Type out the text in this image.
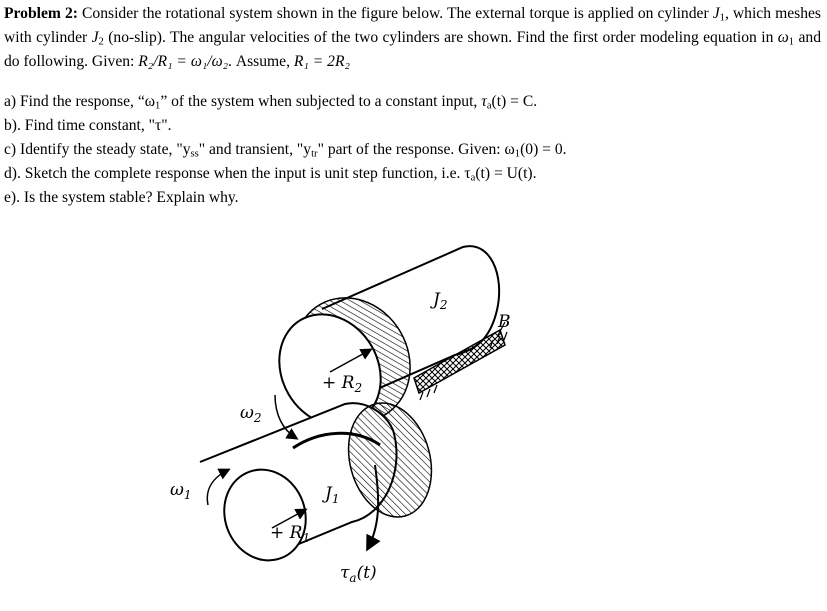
Problem 2: Consider the rotational system shown in the figure below. The external torque is applied on cylinder $J_1$, which meshes with cylinder $J_2$ (no-slip). The angular velocities of the two cylinders are shown. Find the first order modeling equation in $\omega_1$ and do following. Given: R₂/R₁ = ω₁/ω₂. Assume, R₁ = 2R₂
a) Find the response, “$\omega_1$” of the system when subjected to a constant input, $\tau_a(t) = C$.
b). Find time constant, "τ".
c) Identify the steady state, "$y_{ss}$" and transient, "$y_{tr}$" part of the response. Given: $\omega_1(0) = 0$.
d). Sketch the complete response when the input is unit step function, i.e. $\tau_a(t) = U(t)$.
e). Is the system stable? Explain why.
$J_2$
B
+ $R_2$
$\omega_2$
$J_1$
$\omega_1$
+ $R_1$
$\tau_a(t)$
